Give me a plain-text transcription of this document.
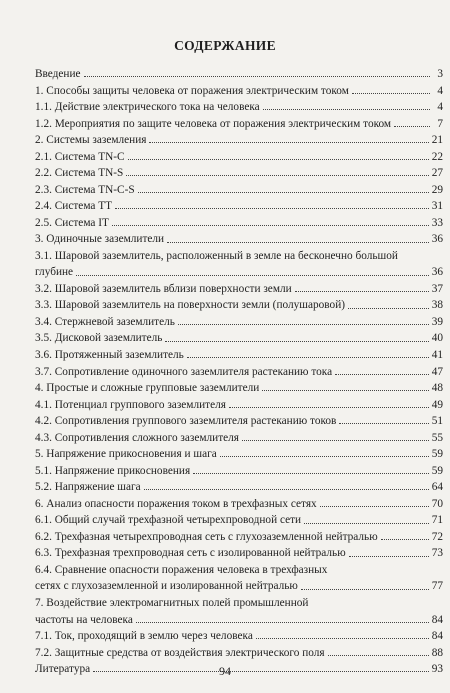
СОДЕРЖАНИЕ
Введение	3
1. Способы защиты человека от поражения электрическим током	4
1.1. Действие электрического тока на человека	4
1.2. Мероприятия по защите человека от поражения электрическим током	7
2. Системы заземления	21
2.1. Система TN-C	22
2.2. Система TN-S	27
2.3. Система TN-C-S	29
2.4. Система TT	31
2.5. Система IT	33
3. Одиночные заземлители	36
3.1. Шаровой заземлитель, расположенный в земле на бесконечно большой
глубине	36
3.2. Шаровой заземлитель вблизи поверхности земли	37
3.3. Шаровой заземлитель на поверхности земли (полушаровой)	38
3.4. Стержневой заземлитель	39
3.5. Дисковой заземлитель	40
3.6. Протяженный заземлитель	41
3.7. Сопротивление одиночного заземлителя растеканию тока	47
4. Простые и сложные групповые заземлители	48
4.1. Потенциал группового заземлителя	49
4.2. Сопротивления группового заземлителя растеканию токов	51
4.3. Сопротивления сложного заземлителя	55
5. Напряжение прикосновения и шага	59
5.1. Напряжение прикосновения	59
5.2. Напряжение шага	64
6. Анализ опасности поражения током в трехфазных сетях	70
6.1. Общий случай трехфазной четырехпроводной сети	71
6.2. Трехфазная четырехпроводная сеть с глухозаземленной нейтралью	72
6.3. Трехфазная трехпроводная сеть с изолированной нейтралью	73
6.4. Сравнение опасности поражения человека в трехфазных
сетях с глухозаземленной и изолированной нейтралью	77
7. Воздействие электромагнитных полей промышленной
частоты на человека	84
7.1. Ток, проходящий в землю через человека	84
7.2. Защитные средства от воздействия электрического поля	88
Литература	93
94
